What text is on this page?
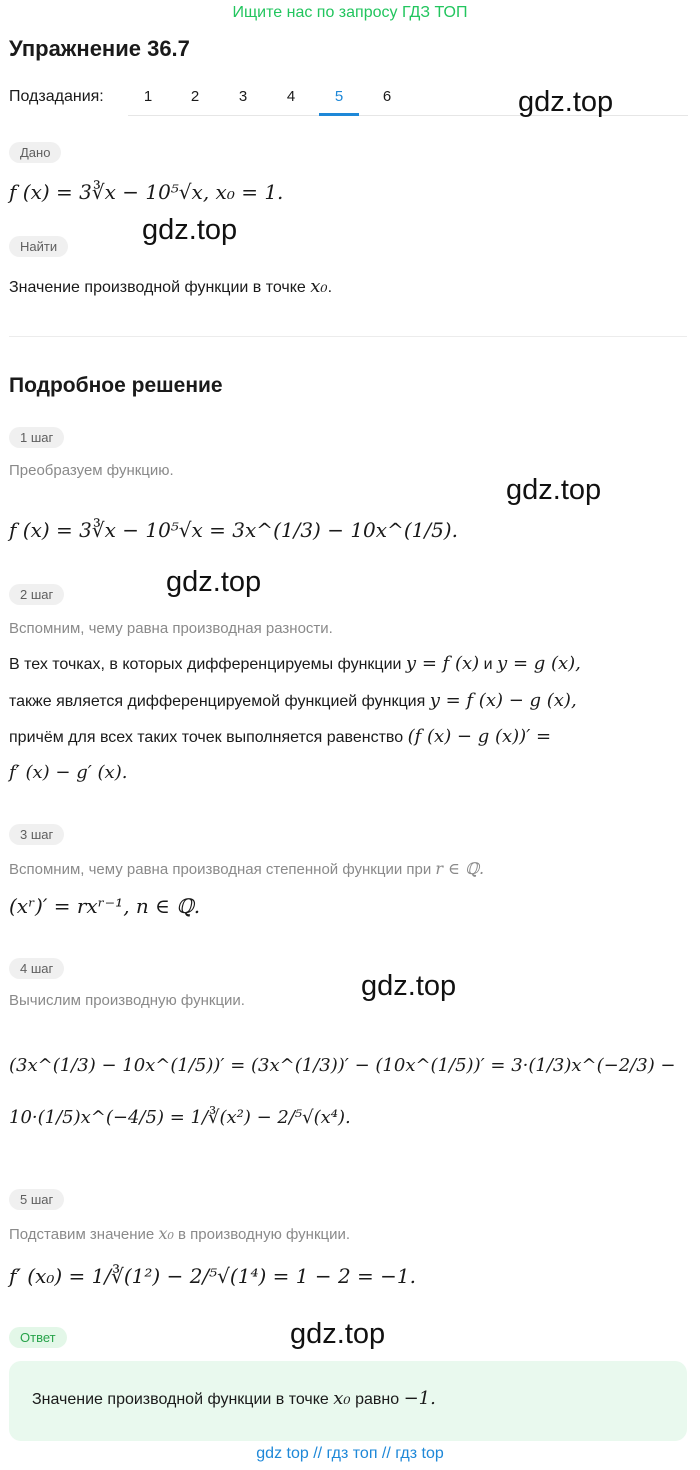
Ищите нас по запросу ГДЗ ТОП
Упражнение 36.7
Подзадания:	1	2	3	4	5	6	gdz.top
gdz.top
gdz.top
gdz.top
gdz.top
gdz.top
Дано
f (x) = 3∛x − 10⁵√x, x₀ = 1.
Найти
Значение производной функции в точке x₀.
Подробное решение
1 шаг
Преобразуем функцию.
f (x) = 3∛x − 10⁵√x = 3x^(1/3) − 10x^(1/5).
2 шаг
Вспомним, чему равна производная разности.
В тех точках, в которых дифференцируемы функции y = f (x) и y = g (x),
также является дифференцируемой функцией функция y = f (x) − g (x),
причём для всех таких точек выполняется равенство (f (x) − g (x))′ =
f′ (x) − g′ (x).
3 шаг
Вспомним, чему равна производная степенной функции при r ∈ ℚ.
(xʳ)′ = rxʳ⁻¹, n ∈ ℚ.
4 шаг
Вычислим производную функции.
(3x^(1/3) − 10x^(1/5))′ = (3x^(1/3))′ − (10x^(1/5))′ = 3·(1/3)x^(−2/3) − 10·(1/5)x^(−4/5) = 1/∛(x²) − 2/⁵√(x⁴).
5 шаг
Подставим значение x₀ в производную функции.
f′ (x₀) = 1/∛(1²) − 2/⁵√(1⁴) = 1 − 2 = −1.
Ответ
Значение производной функции в точке x₀ равно −1.
gdz top // гдз топ // гдз top
